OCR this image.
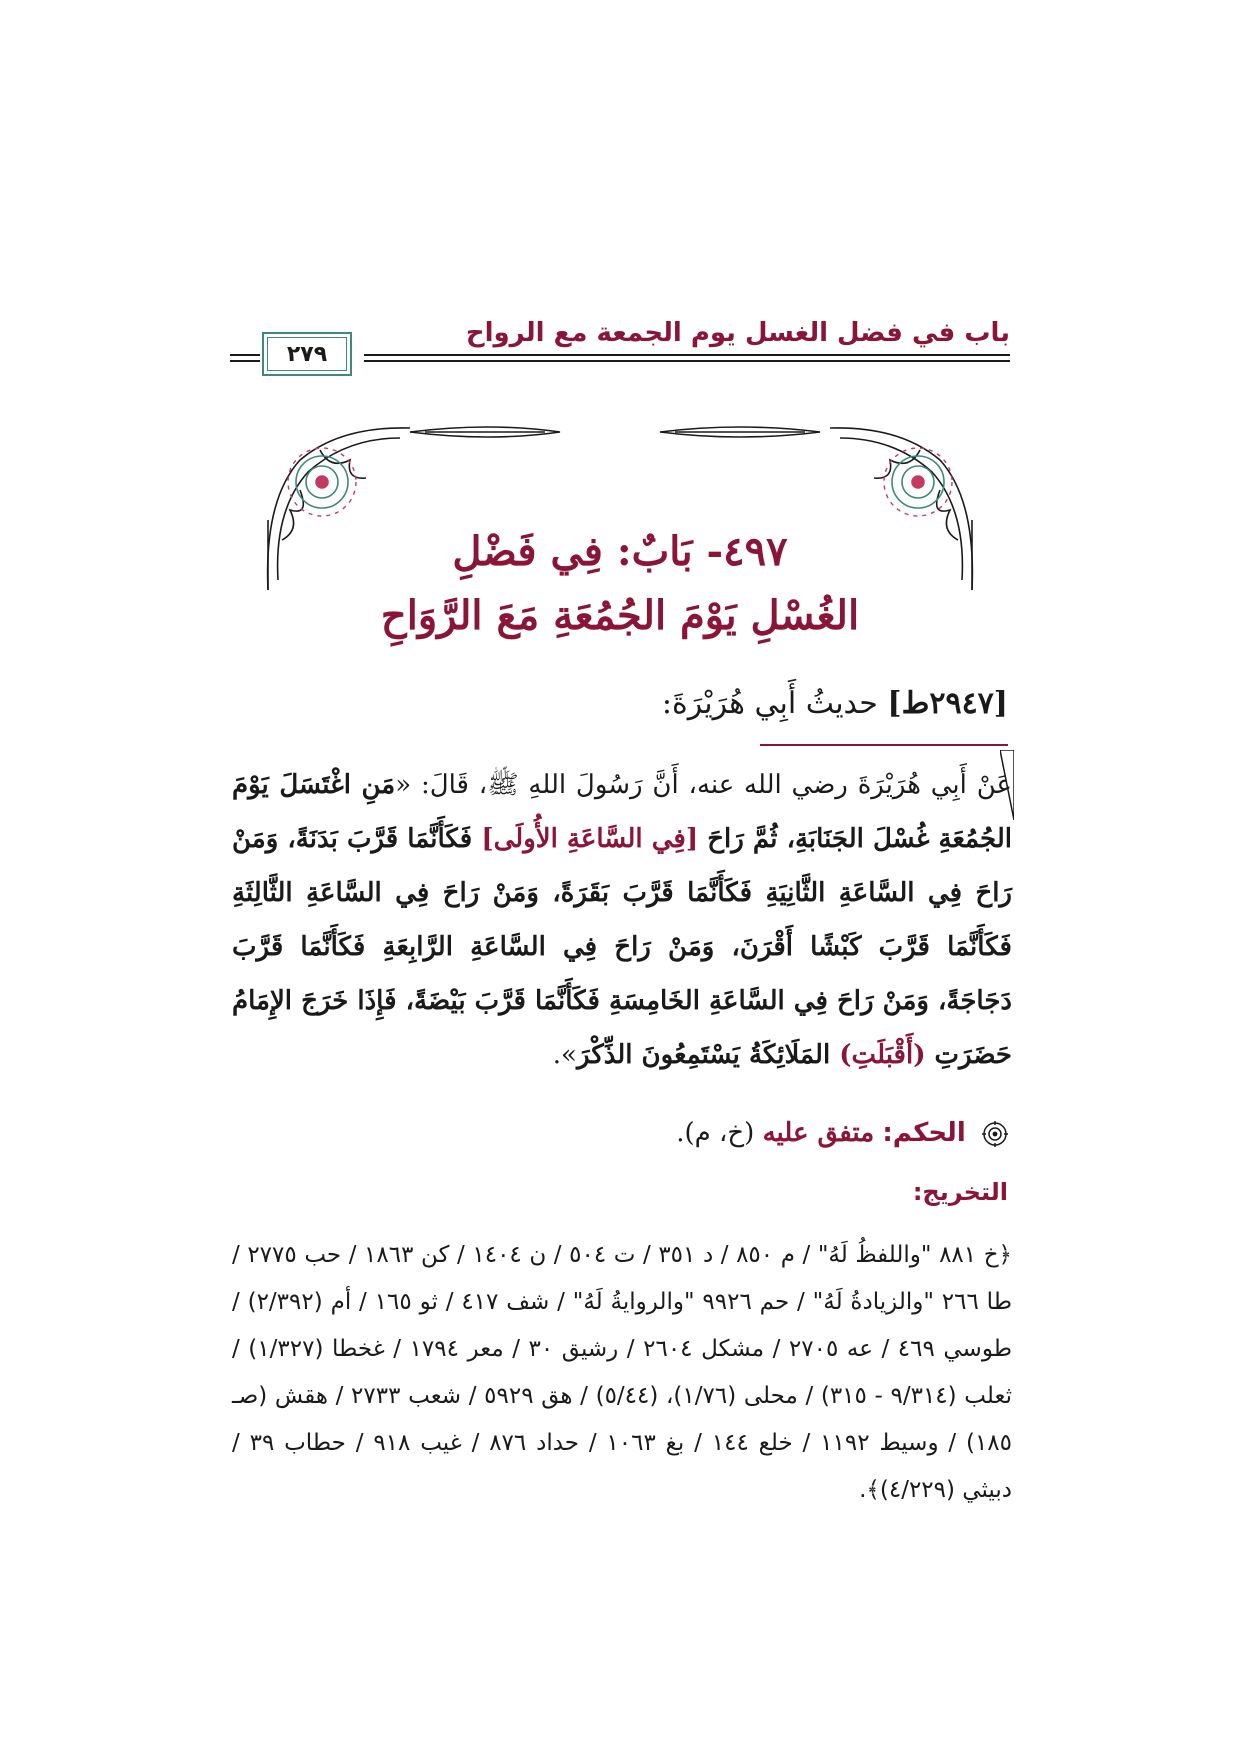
باب في فضل الغسل يوم الجمعة مع الرواح
٢٧٩
٤٩٧- بَابٌ: فِي فَضْلِ
الغُسْلِ يَوْمَ الجُمُعَةِ مَعَ الرَّوَاحِ
[٢٩٤٧ط] حديثُ أَبِي هُرَيْرَةَ:
عَنْ أَبِي هُرَيْرَةَ رضي الله عنه، أَنَّ رَسُولَ اللهِ ﷺ، قَالَ: «مَنِ اغْتَسَلَ يَوْمَ الجُمُعَةِ غُسْلَ الجَنَابَةِ، ثُمَّ رَاحَ [فِي السَّاعَةِ الأُولَى] فَكَأَنَّمَا قَرَّبَ بَدَنَةً، وَمَنْ رَاحَ فِي السَّاعَةِ الثَّانِيَةِ فَكَأَنَّمَا قَرَّبَ بَقَرَةً، وَمَنْ رَاحَ فِي السَّاعَةِ الثَّالِثَةِ فَكَأَنَّمَا قَرَّبَ كَبْشًا أَقْرَنَ، وَمَنْ رَاحَ فِي السَّاعَةِ الرَّابِعَةِ فَكَأَنَّمَا قَرَّبَ دَجَاجَةً، وَمَنْ رَاحَ فِي السَّاعَةِ الخَامِسَةِ فَكَأَنَّمَا قَرَّبَ بَيْضَةً، فَإِذَا خَرَجَ الإِمَامُ حَضَرَتِ (أَقْبَلَتِ) المَلَائِكَةُ يَسْتَمِعُونَ الذِّكْرَ».
الحكم: متفق عليه (خ، م).
التخريج:
﴿خ ٨٨١ "واللفظُ لَهُ" / م ٨٥٠ / د ٣٥١ / ت ٥٠٤ / ن ١٤٠٤ / كن ١٨٦٣ / حب ٢٧٧٥ / طا ٢٦٦ "والزيادةُ لَهُ" / حم ٩٩٢٦ "والروايةُ لَهُ" / شف ٤١٧ / ثو ١٦٥ / أم (٢/٣٩٢) / طوسي ٤٦٩ / عه ٢٧٠٥ / مشكل ٢٦٠٤ / رشيق ٣٠ / معر ١٧٩٤ / غخطا (١/٣٢٧) / ثعلب (٩/٣١٤ - ٣١٥) / محلى (١/٧٦)، (٥/٤٤) / هق ٥٩٢٩ / شعب ٢٧٣٣ / هقش (صـ ١٨٥) / وسيط ١١٩٢ / خلع ١٤٤ / بغ ١٠٦٣ / حداد ٨٧٦ / غيب ٩١٨ / حطاب ٣٩ / دبيثي (٤/٢٢٩)﴾.
